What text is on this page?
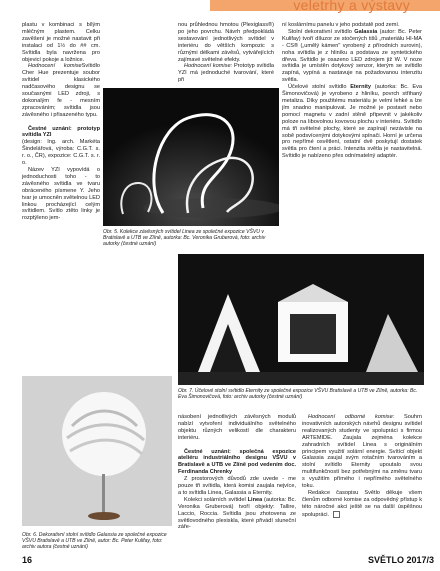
veletrhy a výstavy

plastu v kombinaci s bílým mléčným plastem. Celku zavěšení je možné nastavit při instalaci od 1½ do ## cm. Svítidla byla navržena pro objevicí pokoje a ložnice.

Hodnocení komiseSvítidlo Cher Hue prezentuje soubor svítidel klasického nadčasového designu se současnými LED zdroji, s dokonalým fe - mesním zpracováním; svítidla jsou závěsného i přisazeného typu.

Čestné uznání: prototyp svítidla YZI

(design: Ing. arch. Markéta Šindelářová, výroba: C.G.T. s. r. o., ČR), expozice: C.G.T. s. r. o.

Název YZI vypovídá o jednoduchosti toho - to závěsného svítidla ve tvaru obráceného písmene Y. Jeho tvar je umocněn světelnou LED linkou procházející celým svítidlem. Svítlo ztěto linky je rozptýleno jem-

nou průhlednou hmotou (Plexiglass®) po jeho povrchu. Návrh předpokládá sestavování jednotlivých svítidel v interiéru do větších kompozic s různými délkami závěsů, vytvářejících zajímavé světelné efekty.

Hodnocení komise: Prototyp svítidla YZI má jednoduché tvarování, které při

Obr. 5. Kolekce závěsných svítidel Linea ze společné expozice VŠVU v Bratislavě a UTB ve Zlíně, autorka: Bc. Veronika Gruberová, foto: archiv autorky (čestné uznání)

ní koslárnímu panelu v jeho podstatě pod zemí.

Stolní dekorativní svítidlo Galassia (autor: Bc. Peter Kulifay) tvoří díluzor ze stočených tišů „materiálu HI-MA - CS® („umělý kámen" vyrobený z přírodních surovin), noha svítidla je z hliníku a podstava ze syntetického dřeva. Svítidlo je osazeno LED zdrojem již W. V noze svítidla je umístěn dotykový senzor, kterým se svítidlo zapíná, vypíná a nastavuje na požadovanou intenzitu světla.

Účelové stolní svítidlo Eternity (autorka: Bc. Eva Šimonovičová) je vyrobeno z hliníku, povrch střihaný metaliza. Díky použitému materiálu je velmi lehké a lze jím snadno manipulovat. Je možné je postavit nebo pomocí magnetu v zadní stěně připevnit v jakékoliv poloze na libovolnou kovovou plochu v interiéru. Svítidlo má tři světelné plochy, které se zapínají nezávisle na sobě podsvícenými dotykovými spínači. Horní je určena pro nepřímé osvětlení, ostatní dvě poskytují dostatek světla pro čtení a práci. Intenzita světla je nastavitelná. Svítidlo je nabízeno přes odnímatelný adaptér.

Obr. 7. Účelové stolní svítidlo Eternity ze společné expozice VŠVU Bratislavě a UTB ve Zlíně, autorka: Bc. Eva Šimonovičová, foto: archiv autorky (čestné uznání)
Obr. 6. Dekorativní stolní svítidlo Galassia ze společné expozice VŠVU Bratislavě a UTB ve Zlíně, autor: Bc. Peter Kulifay, foto: archiv autora (čestné uznání)

násobení jednotlivých závěsných modulů nabízí vytvoření individuálního světelného objektu různých velikostí dle charakteru interiéru.

Čestné uznání: společná expozice ateliéru industriálního designu VŠVU v Bratislavě a UTB ve Zlíně pod vedením doc. Ferdinanda Chrenky

Z prostorových důvodů zde uvede - me pouze tři svítidla, která komisi zaujala nejvíce, a to svítidla Linea, Galassia a Eternity.

Kolekci solárních svítidel Linea (autorka: Bc. Veronika Gruberová) tvoří objekty: Tallire, Laccio, Roccia. Svítidla jsou zhotovena ze světlovodného plexiskla, které přivádí sluneční záře-

Hodnocení odborné komise: Souhrn inovativních autorských návrhů designu svítidel realizovaných studenty ve spolupráci s firmou ARTEMIDE. Zaujala zejména kolekce zahradních svítidel Linea s originálním principem využití solární energie. Svítící objekt Galassia zaujal svým rotačním tvarováním a stolní svítidlo Eternity upoutalo svou multifunkčností bez potřebnými na změnu tvaru s využitím přímého i nepřímého světelného toku.

Redakce časopisu Světlo děkuje všem členům odborné komise za odpovědný přístup k této náročné akci ještě se na další úspěšnou spolupráci.

16	SVĚTLO 2017/3
